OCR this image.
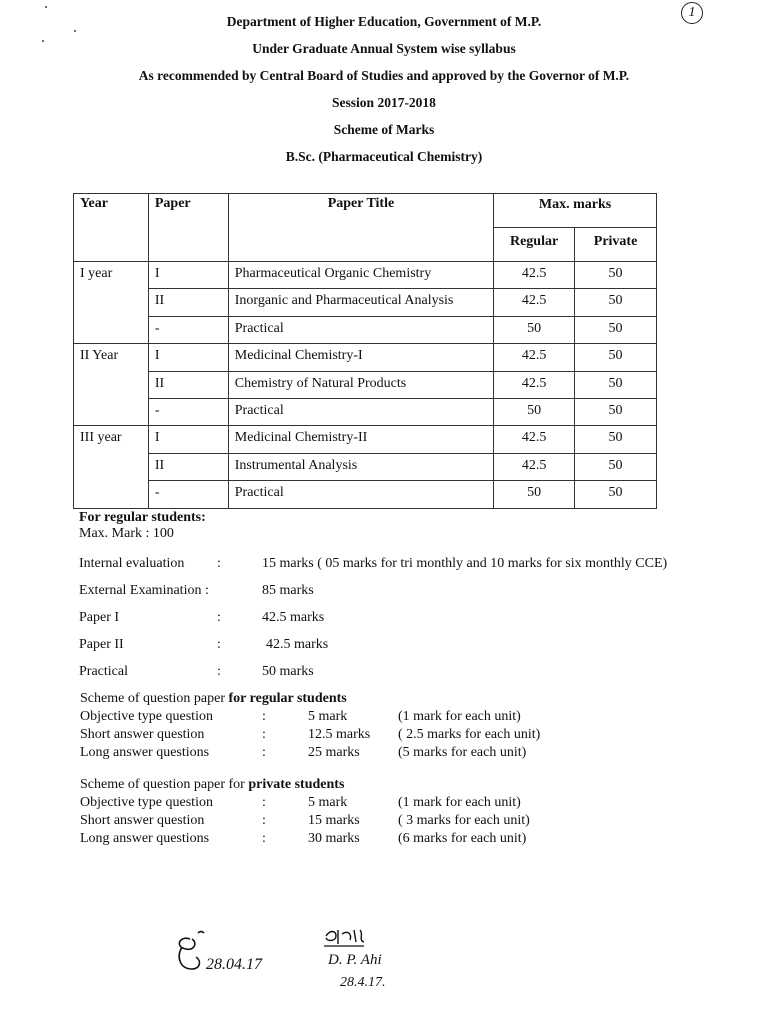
1
Department of Higher Education, Government of M.P.
Under Graduate Annual System wise syllabus
As recommended by Central Board of Studies and approved by the Governor of M.P.
Session 2017-2018
Scheme of Marks
B.Sc. (Pharmaceutical Chemistry)
Year	Paper	Paper Title	Max. marks	
			Regular	Private
I year	I	Pharmaceutical Organic Chemistry	42.5	50
	II	Inorganic and Pharmaceutical Analysis	42.5	50
	-	Practical	50	50
II Year	I	Medicinal Chemistry-I	42.5	50
	II	Chemistry of Natural Products	42.5	50
	-	Practical	50	50
III year	I	Medicinal Chemistry-II	42.5	50
	II	Instrumental Analysis	42.5	50
	-	Practical	50	50
For regular students:
Max. Mark : 100
Internal evaluation :	15 marks ( 05 marks for tri monthly and 10 marks for six monthly CCE)
External Examination :	85 marks
Paper I	:	42.5 marks
Paper II	:	42.5 marks
Practical	:	50 marks
Scheme of question paper for regular students
Objective type question	:	5 mark	(1 mark for each unit)
Short answer question	:	12.5 marks ( 2.5 marks for each unit)
Long answer questions	:	25 marks	(5 marks for each unit)
Scheme of question paper for private students
Objective type question	:	5 mark	(1 mark for each unit)
Short answer question	:	15 marks	( 3 marks for each unit)
Long answer questions	:	30 marks	(6 marks for each unit)
28.04.17	D. P. Ahi
28.4.17.
